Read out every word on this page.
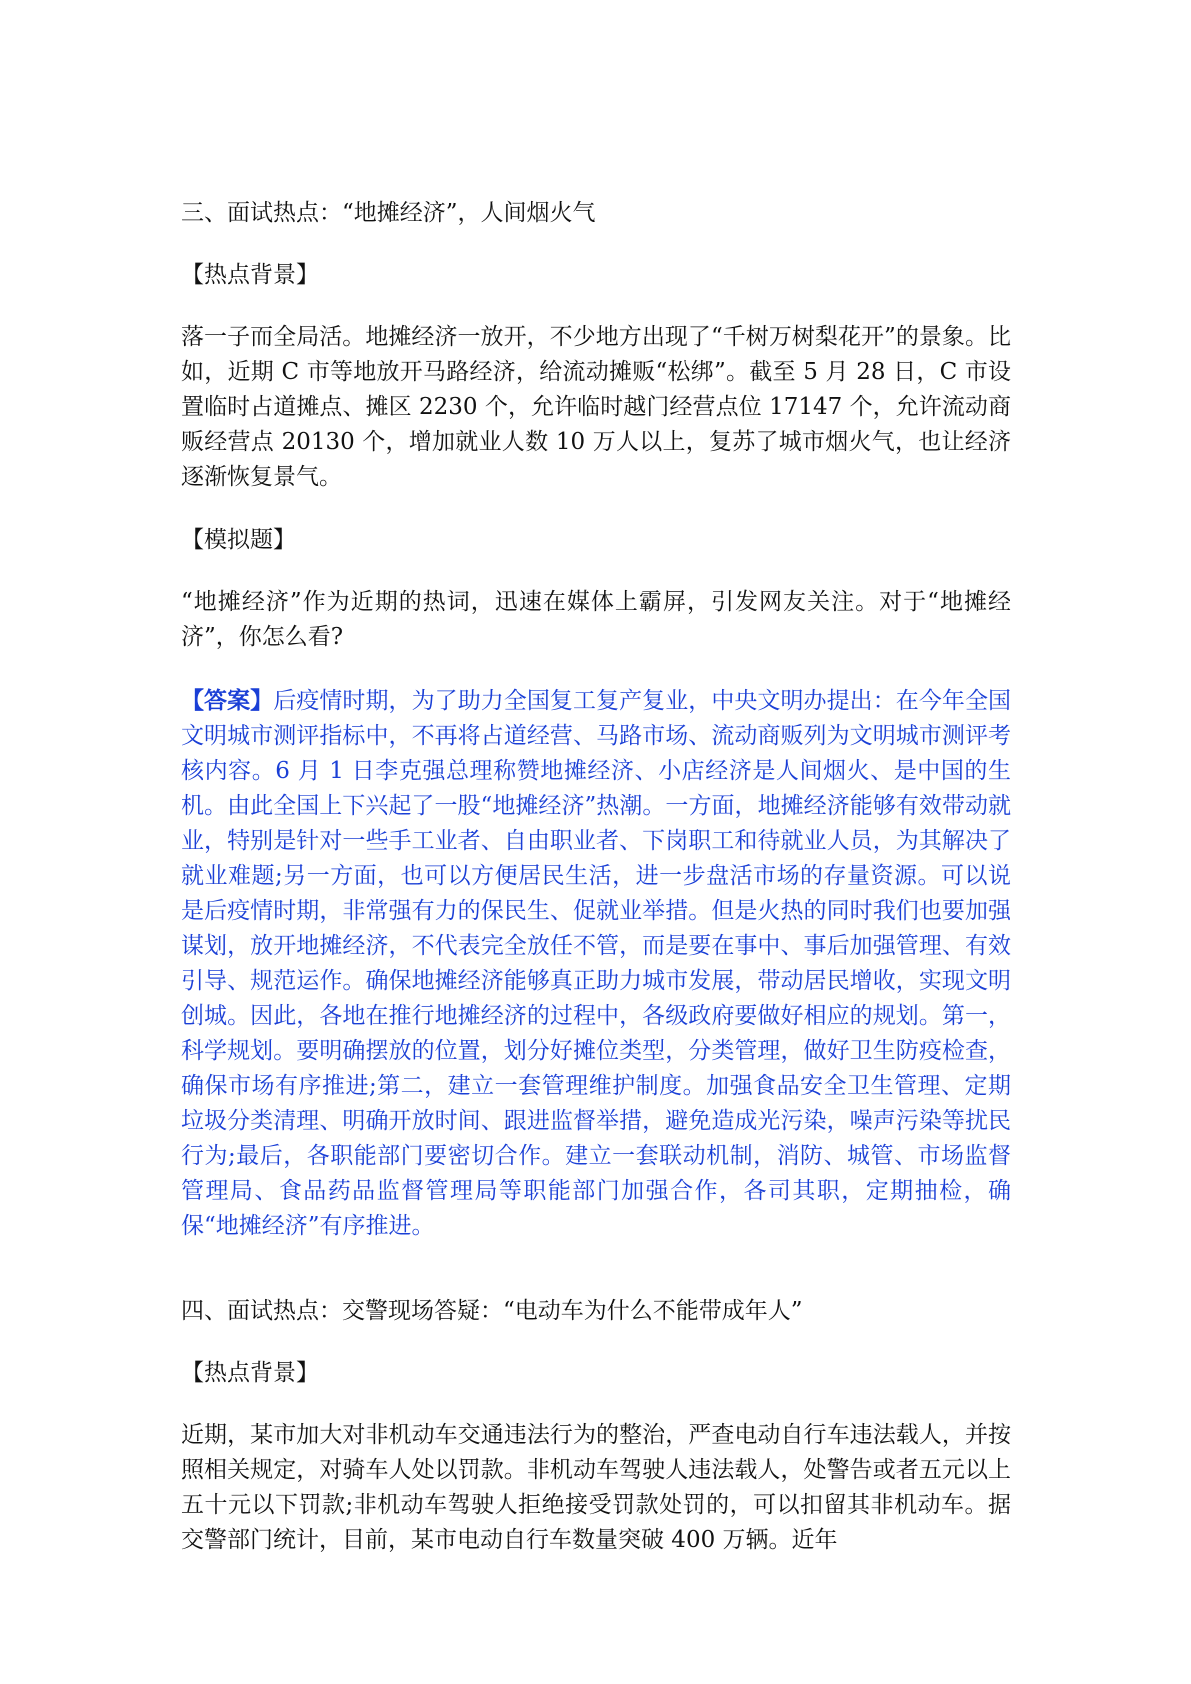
三、面试热点：“地摊经济”，人间烟火气

【热点背景】

落一子而全局活。地摊经济一放开，不少地方出现了“千树万树梨花开”的景象。比如，近期 C 市等地放开马路经济，给流动摊贩“松绑”。截至 5 月 28 日，C 市设置临时占道摊点、摊区 2230 个，允许临时越门经营点位 17147 个，允许流动商贩经营点 20130 个，增加就业人数 10 万人以上，复苏了城市烟火气，也让经济逐渐恢复景气。

【模拟题】

“地摊经济”作为近期的热词，迅速在媒体上霸屏，引发网友关注。对于“地摊经济”，你怎么看?

【答案】后疫情时期，为了助力全国复工复产复业，中央文明办提出：在今年全国文明城市测评指标中，不再将占道经营、马路市场、流动商贩列为文明城市测评考核内容。6 月 1 日李克强总理称赞地摊经济、小店经济是人间烟火、是中国的生机。由此全国上下兴起了一股“地摊经济”热潮。一方面，地摊经济能够有效带动就业，特别是针对一些手工业者、自由职业者、下岗职工和待就业人员，为其解决了就业难题;另一方面，也可以方便居民生活，进一步盘活市场的存量资源。可以说是后疫情时期，非常强有力的保民生、促就业举措。但是火热的同时我们也要加强谋划，放开地摊经济，不代表完全放任不管，而是要在事中、事后加强管理、有效引导、规范运作。确保地摊经济能够真正助力城市发展，带动居民增收，实现文明创城。因此，各地在推行地摊经济的过程中，各级政府要做好相应的规划。第一，科学规划。要明确摆放的位置，划分好摊位类型，分类管理，做好卫生防疫检查，确保市场有序推进;第二，建立一套管理维护制度。加强食品安全卫生管理、定期垃圾分类清理、明确开放时间、跟进监督举措，避免造成光污染，噪声污染等扰民行为;最后，各职能部门要密切合作。建立一套联动机制，消防、城管、市场监督管理局、食品药品监督管理局等职能部门加强合作，各司其职，定期抽检，确保“地摊经济”有序推进。

四、面试热点：交警现场答疑：“电动车为什么不能带成年人”

【热点背景】

近期，某市加大对非机动车交通违法行为的整治，严查电动自行车违法载人，并按照相关规定，对骑车人处以罚款。非机动车驾驶人违法载人，处警告或者五元以上五十元以下罚款;非机动车驾驶人拒绝接受罚款处罚的，可以扣留其非机动车。据交警部门统计，目前，某市电动自行车数量突破 400 万辆。近年
